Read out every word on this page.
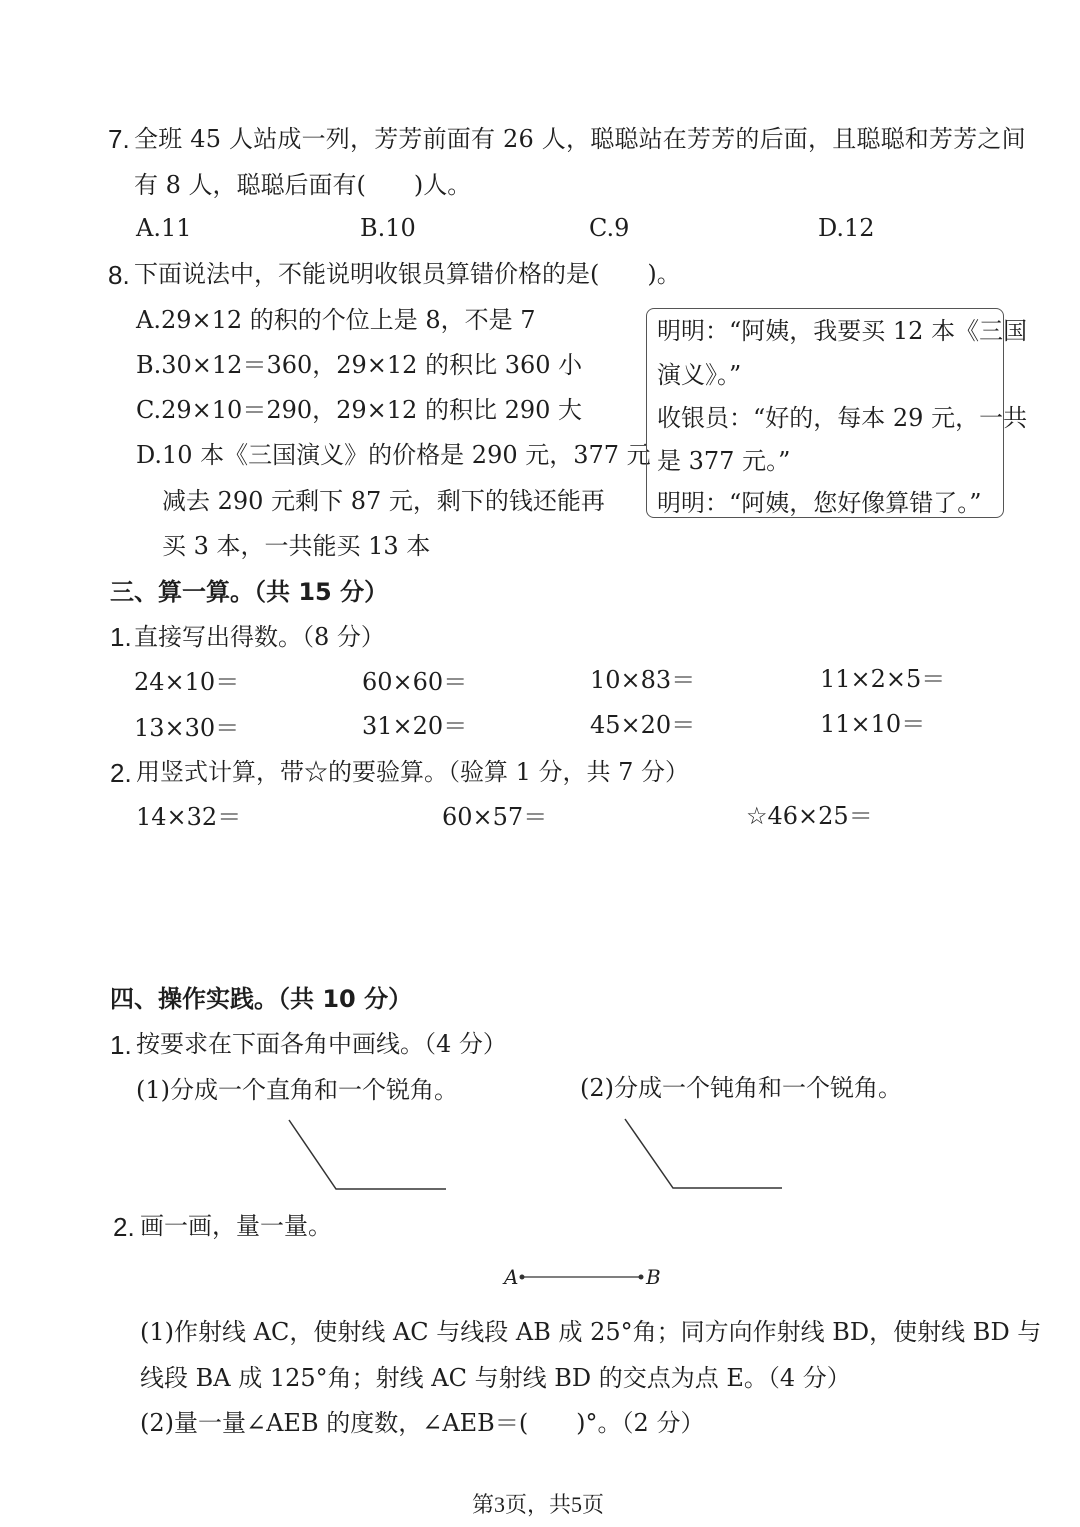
7. 全班 45 人站成一列，芳芳前面有 26 人，聪聪站在芳芳的后面，且聪聪和芳芳之间
有 8 人，聪聪后面有(　　)人。
A.11	B.10	C.9	D.12
8. 下面说法中，不能说明收银员算错价格的是(　　)。
A.29×12 的积的个位上是 8，不是 7
B.30×12＝360，29×12 的积比 360 小
C.29×10＝290，29×12 的积比 290 大
D.10 本《三国演义》的价格是 290 元，377 元
减去 290 元剩下 87 元，剩下的钱还能再
买 3 本，一共能买 13 本
明明：“阿姨，我要买 12 本《三国
演义》。”
收银员：“好的，每本 29 元，一共
是 377 元。”
明明：“阿姨，您好像算错了。”
三、算一算。（共 15 分）
1. 直接写出得数。（8 分）
24×10＝	60×60＝	10×83＝	11×2×5＝
13×30＝	31×20＝	45×20＝	11×10＝
2. 用竖式计算，带☆的要验算。（验算 1 分，共 7 分）
14×32＝	60×57＝	☆46×25＝
四、操作实践。（共 10 分）
1. 按要求在下面各角中画线。（4 分）
(1)分成一个直角和一个锐角。	(2)分成一个钝角和一个锐角。
2. 画一画，量一量。
A	B
(1)作射线 AC，使射线 AC 与线段 AB 成 25°角；同方向作射线 BD，使射线 BD 与
线段 BA 成 125°角；射线 AC 与射线 BD 的交点为点 E。（4 分）
(2)量一量∠AEB 的度数，∠AEB＝(　　)°。（2 分）
第3页，共5页
